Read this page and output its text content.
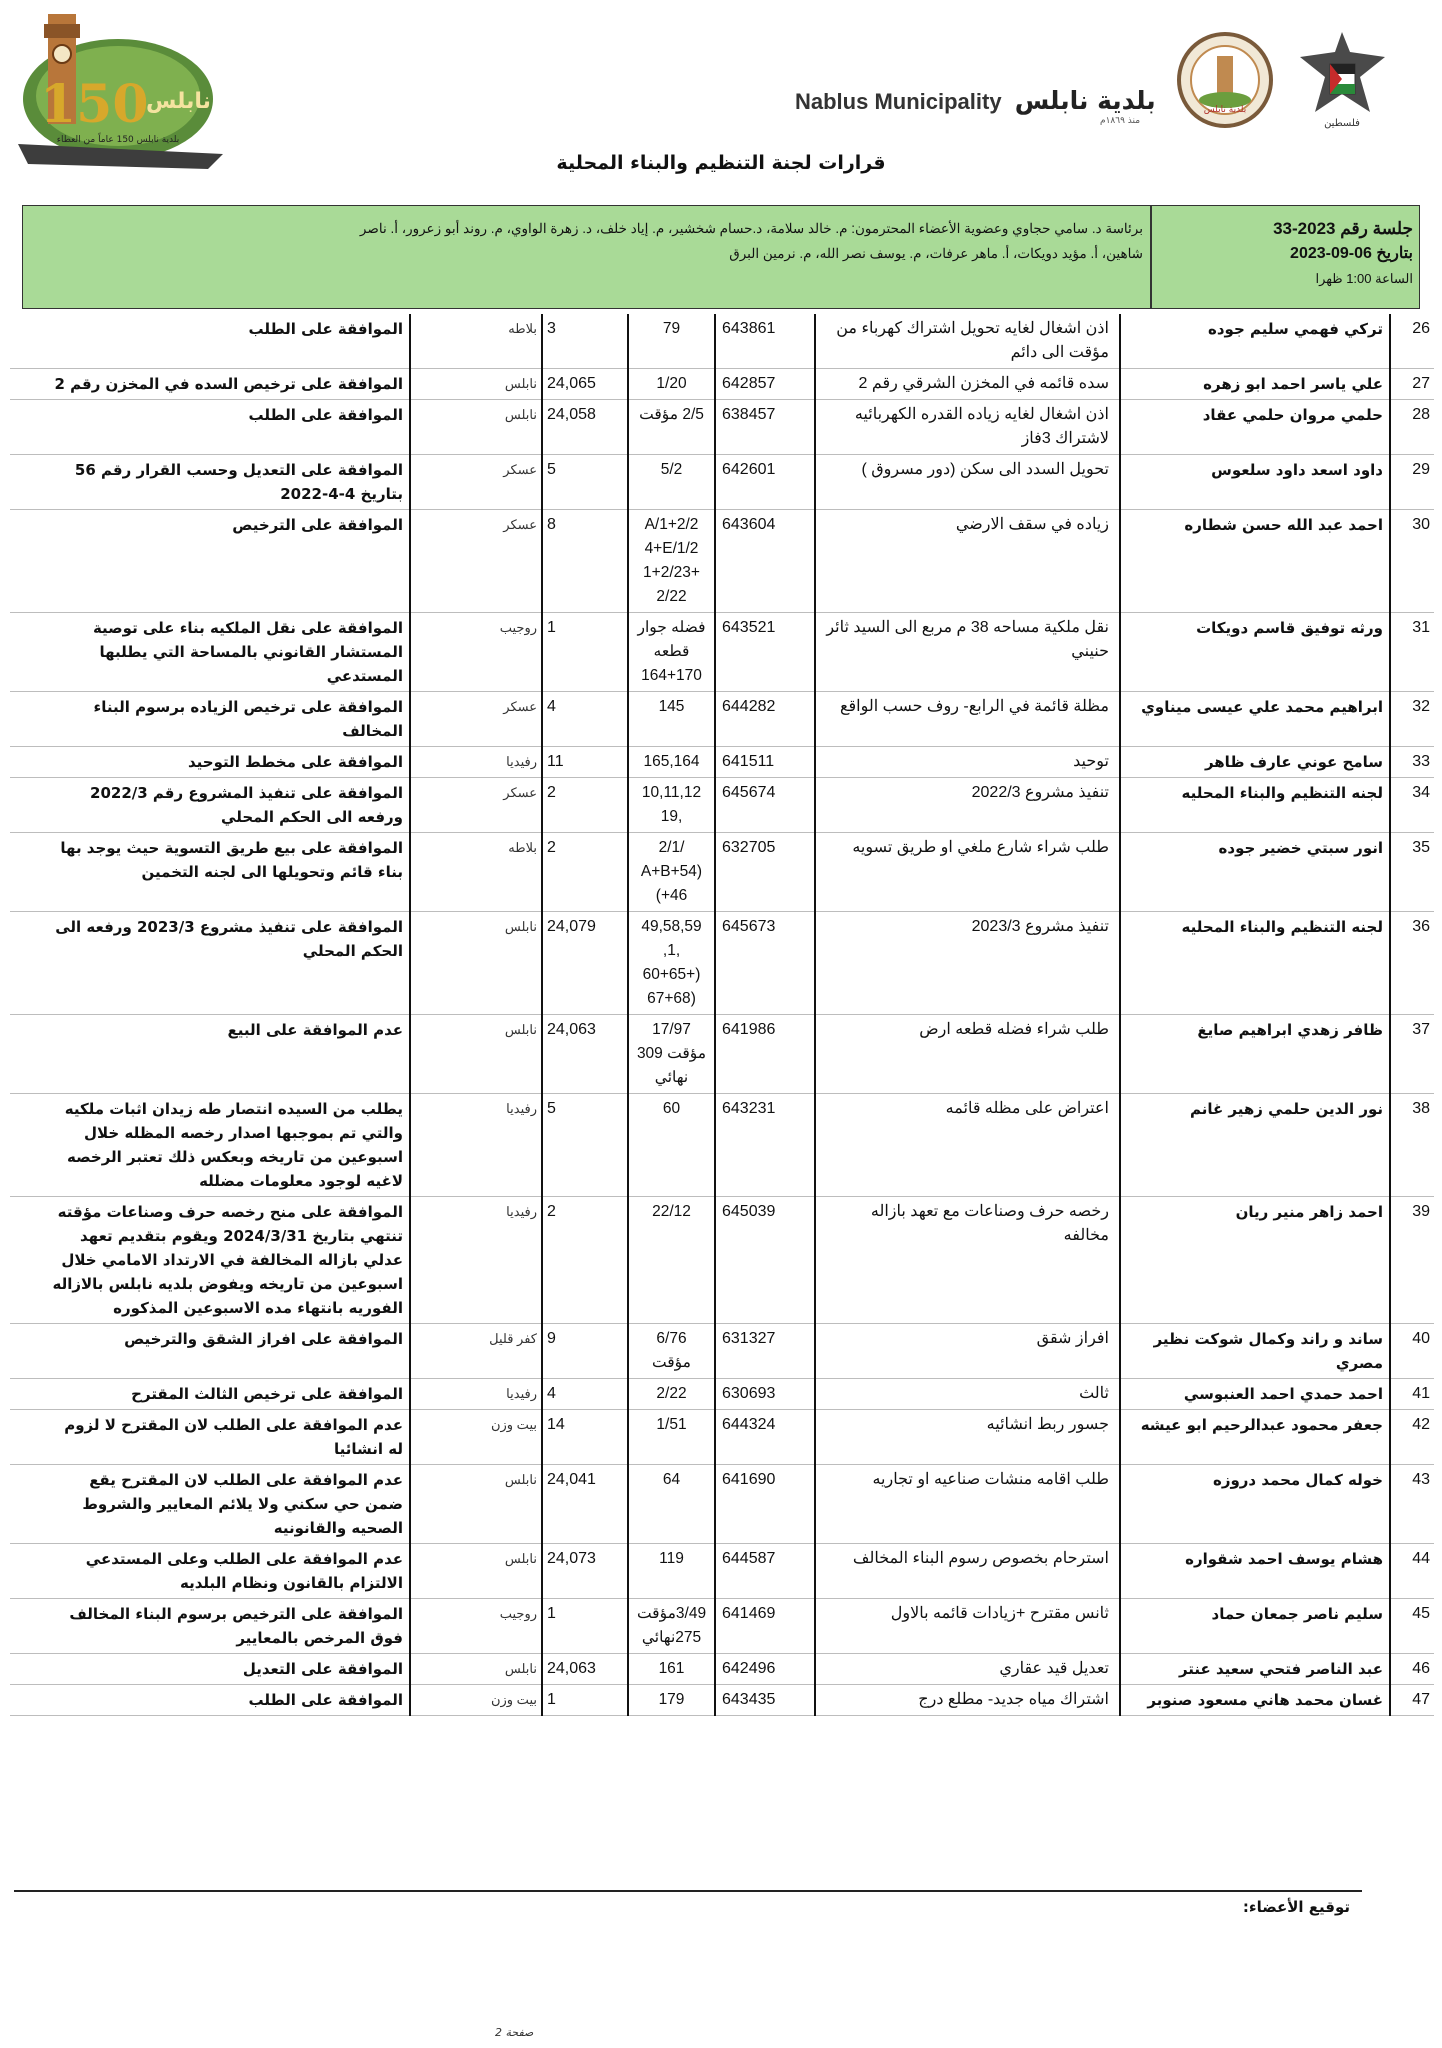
150
نابلس
بلدية نابلس 150 عاماً من العطاء
Nablus Municipality بلدية نابلس
منذ ١٨٦٩م
بلدية نابلس
فلسطين
قرارات لجنة التنظيم والبناء المحلية
جلسة رقم 2023-33
بتاريخ 06-09-2023
الساعة 1:00 ظهرا
برئاسة د. سامي حجاوي وعضوية الأعضاء المحترمون: م. خالد سلامة، د.حسام شخشير، م. إياد خلف، د. زهرة الواوي، م. روند أبو زعرور، أ. ناصر
شاهين، أ. مؤيد دويكات، أ. ماهر عرفات، م. يوسف نصر الله، م. نرمين البرق
26	تركي فهمي سليم جوده	اذن اشغال لغايه تحويل اشتراك كهرباء من مؤقت الى دائم	643861	79	3	بلاطه	الموافقة على الطلب
27	علي ياسر احمد ابو زهره	سده قائمه في المخزن الشرقي رقم 2	642857	1/20	24,065	نابلس	الموافقة على ترخيص السده في المخزن رقم 2
28	حلمي مروان حلمي عقاد	اذن اشغال لغايه زياده القدره الكهربائيه لاشتراك 3فاز	638457	2/5 مؤقت	24,058	نابلس	الموافقة على الطلب
29	داود اسعد داود سلعوس	تحويل السدد الى سكن (دور مسروق )	642601	5/2	5	عسكر	الموافقة على التعديل وحسب القرار رقم 56 بتاريخ 4-4-2022
30	احمد عبد الله حسن شطاره	زياده في سقف الارضي	643604	A/1+2/2 4+E/1/2 1+2/23+ 2/22	8	عسكر	الموافقة على الترخيص
31	ورثه توفيق قاسم دويكات	نقل ملكية مساحه 38 م مربع الى السيد ثائر حنيني	643521	فضله جوار قطعه 170+164	1	روجيب	الموافقة على نقل الملكيه بناء على توصية المستشار القانوني بالمساحة التي يطلبها المستدعي
32	ابراهيم محمد علي عيسى ميناوي	مظلة قائمة في الرابع- روف حسب الواقع	644282	145	4	عسكر	الموافقة على ترخيص الزياده برسوم البناء المخالف
33	سامح عوني عارف ظاهر	توحيد	641511	165,164	11	رفيديا	الموافقة على مخطط التوحيد
34	لجنه التنظيم والبناء المحليه	تنفيذ مشروع 2022/3	645674	10,11,12 ,19	2	عسكر	الموافقة على تنفيذ المشروع رقم 2022/3 ورفعه الى الحكم المحلي
35	انور سبتي خضير جوده	طلب شراء شارع ملغي او طريق تسويه	632705	/2/1 A+B+54) +46)	2	بلاطه	الموافقة على بيع طريق التسوية حيث يوجد بها بناء قائم وتحويلها الى لجنه التخمين
36	لجنه التنظيم والبناء المحليه	تنفيذ مشروع 2023/3	645673	49,58,59 ,1, (+60+65 (67+68	24,079	نابلس	الموافقة على تنفيذ مشروع 2023/3 ورفعه الى الحكم المحلي
37	ظافر زهدي ابراهيم صايغ	طلب شراء فضله قطعه ارض	641986	17/97 مؤقت 309 نهائي	24,063	نابلس	عدم الموافقة على البيع
38	نور الدين حلمي زهير غانم	اعتراض على مظله قائمه	643231	60	5	رفيديا	يطلب من السيده انتصار طه زيدان اثبات ملكيه والتي تم بموجبها اصدار رخصه المظله خلال اسبوعين من تاريخه وبعكس ذلك تعتبر الرخصه لاغيه لوجود معلومات مضلله
39	احمد زاهر منير ريان	رخصه حرف وصناعات مع تعهد بازاله مخالفه	645039	22/12	2	رفيديا	الموافقة على منح رخصه حرف وصناعات مؤقته تنتهي بتاريخ 2024/3/31 ويقوم بتقديم تعهد عدلي بازاله المخالفة في الارتداد الامامي خلال اسبوعين من تاريخه ويفوض بلديه نابلس بالازاله الفوريه بانتهاء مده الاسبوعين المذكوره
40	ساند و راند وكمال شوكت نظير مصري	افراز شقق	631327	6/76 مؤقت	9	كفر قليل	الموافقة على افراز الشقق والترخيص
41	احمد حمدي احمد العنبوسي	ثالث	630693	2/22	4	رفيديا	الموافقة على ترخيص الثالث المقترح
42	جعفر محمود عبدالرحيم ابو عيشه	جسور ربط انشائيه	644324	1/51	14	بيت وزن	عدم الموافقة على الطلب لان المقترح لا لزوم له انشائيا
43	خوله كمال محمد دروزه	طلب اقامه منشات صناعيه او تجاريه	641690	64	24,041	نابلس	عدم الموافقة على الطلب لان المقترح يقع ضمن حي سكني ولا يلائم المعايير والشروط الصحيه والقانونيه
44	هشام يوسف احمد شقواره	استرحام بخصوص رسوم البناء المخالف	644587	119	24,073	نابلس	عدم الموافقة على الطلب وعلى المستدعي الالتزام بالقانون ونظام البلديه
45	سليم ناصر جمعان حماد	ثانس مقترح +زيادات قائمه بالاول	641469	3/49مؤقت 275نهائي	1	روجيب	الموافقة على الترخيص برسوم البناء المخالف فوق المرخص بالمعايير
46	عبد الناصر فتحي سعيد عنتر	تعديل قيد عقاري	642496	161	24,063	نابلس	الموافقة على التعديل
47	غسان محمد هاني مسعود صنوبر	اشتراك مياه جديد- مطلع درج	643435	179	1	بيت وزن	الموافقة على الطلب
توقيع الأعضاء:
صفحة 2
